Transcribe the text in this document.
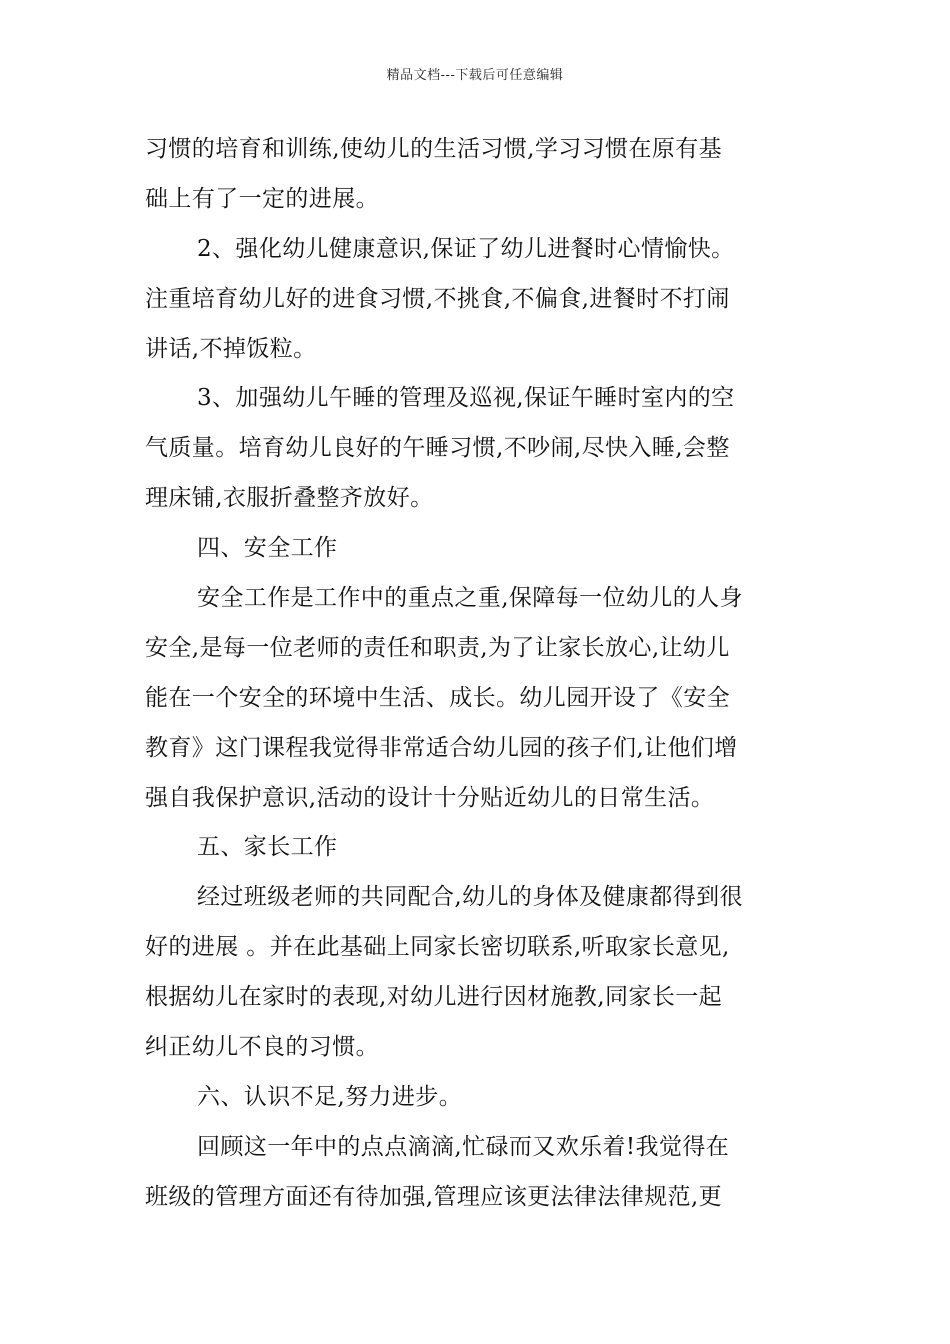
精品文档---下载后可任意编辑
习惯的培育和训练,使幼儿的生活习惯,学习习惯在原有基
础上有了一定的进展。
2、强化幼儿健康意识,保证了幼儿进餐时心情愉快。
注重培育幼儿好的进食习惯,不挑食,不偏食,进餐时不打闹
讲话,不掉饭粒。
3、加强幼儿午睡的管理及巡视,保证午睡时室内的空
气质量。培育幼儿良好的午睡习惯,不吵闹,尽快入睡,会整
理床铺,衣服折叠整齐放好。
四、安全工作
安全工作是工作中的重点之重,保障每一位幼儿的人身
安全,是每一位老师的责任和职责,为了让家长放心,让幼儿
能在一个安全的环境中生活、成长。幼儿园开设了《安全
教育》这门课程我觉得非常适合幼儿园的孩子们,让他们增
强自我保护意识,活动的设计十分贴近幼儿的日常生活。
五、家长工作
经过班级老师的共同配合,幼儿的身体及健康都得到很
好的进展 。并在此基础上同家长密切联系,听取家长意见,
根据幼儿在家时的表现,对幼儿进行因材施教,同家长一起
纠正幼儿不良的习惯。
六、认识不足,努力进步。
回顾这一年中的点点滴滴,忙碌而又欢乐着!我觉得在
班级的管理方面还有待加强,管理应该更法律法律规范,更
